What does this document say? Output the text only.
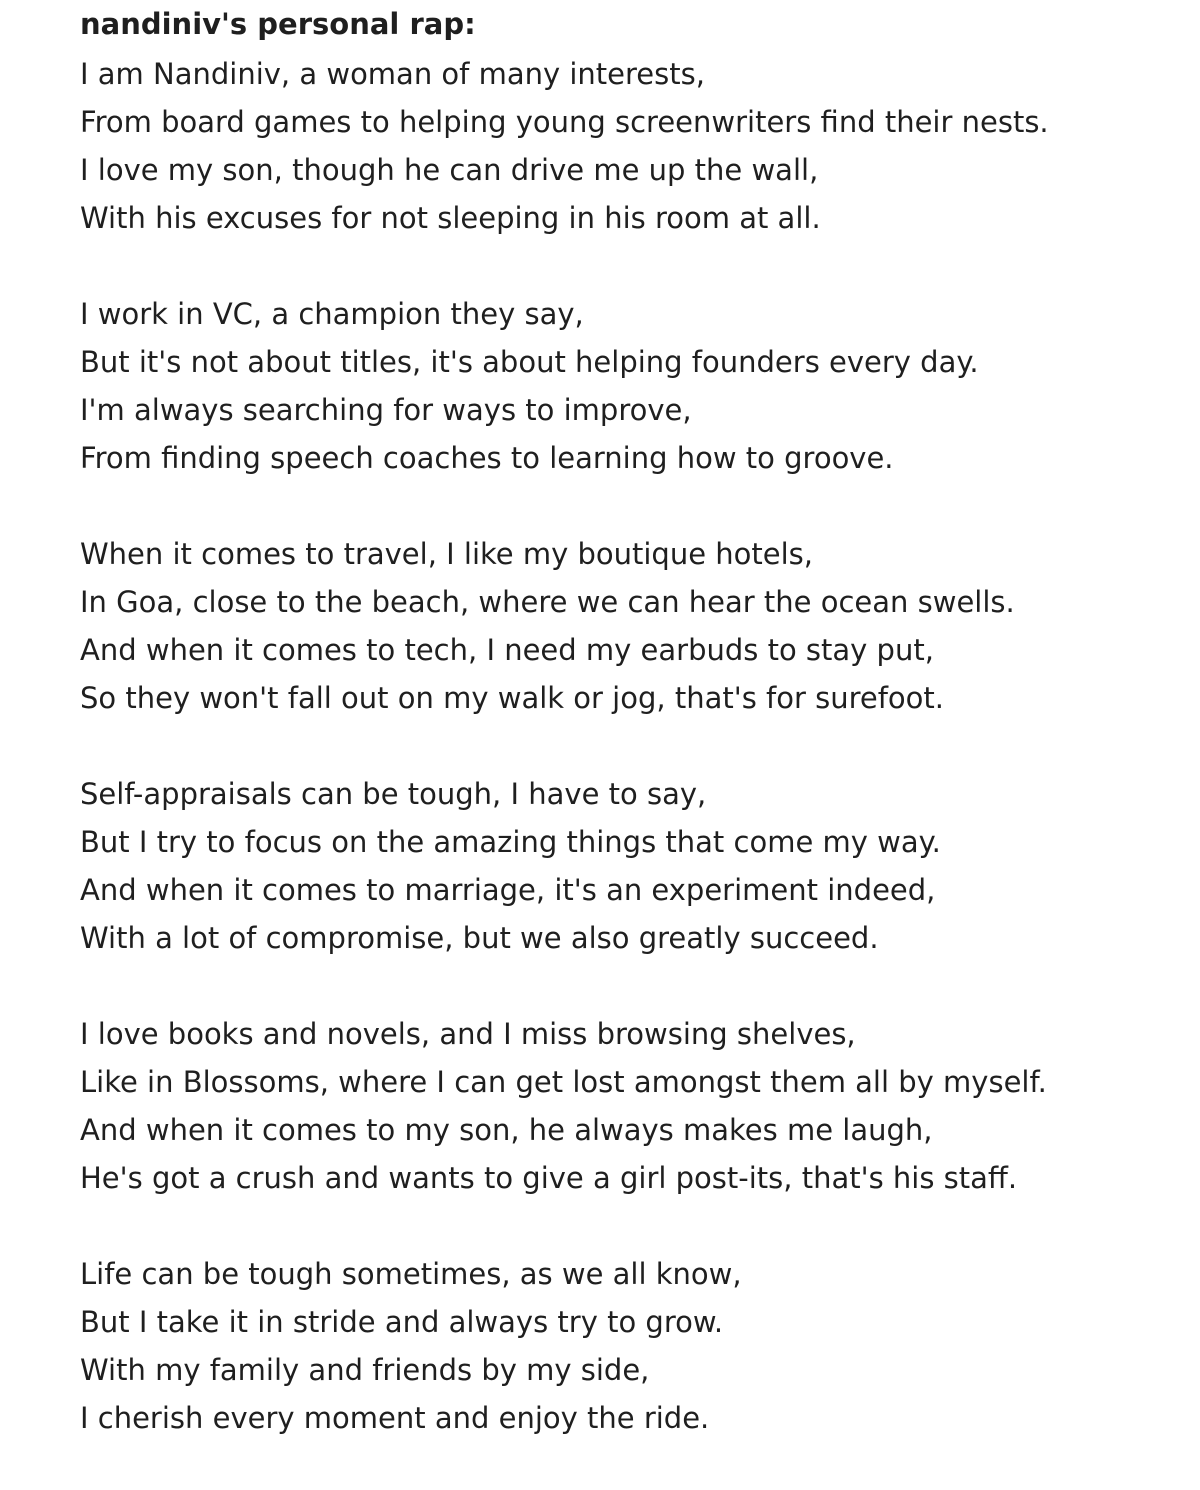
nandiniv's personal rap:
I am Nandiniv, a woman of many interests,
From board games to helping young screenwriters find their nests.
I love my son, though he can drive me up the wall,
With his excuses for not sleeping in his room at all.
I work in VC, a champion they say,
But it's not about titles, it's about helping founders every day.
I'm always searching for ways to improve,
From finding speech coaches to learning how to groove.
When it comes to travel, I like my boutique hotels,
In Goa, close to the beach, where we can hear the ocean swells.
And when it comes to tech, I need my earbuds to stay put,
So they won't fall out on my walk or jog, that's for surefoot.
Self-appraisals can be tough, I have to say,
But I try to focus on the amazing things that come my way.
And when it comes to marriage, it's an experiment indeed,
With a lot of compromise, but we also greatly succeed.
I love books and novels, and I miss browsing shelves,
Like in Blossoms, where I can get lost amongst them all by myself.
And when it comes to my son, he always makes me laugh,
He's got a crush and wants to give a girl post-its, that's his staff.
Life can be tough sometimes, as we all know,
But I take it in stride and always try to grow.
With my family and friends by my side,
I cherish every moment and enjoy the ride.
